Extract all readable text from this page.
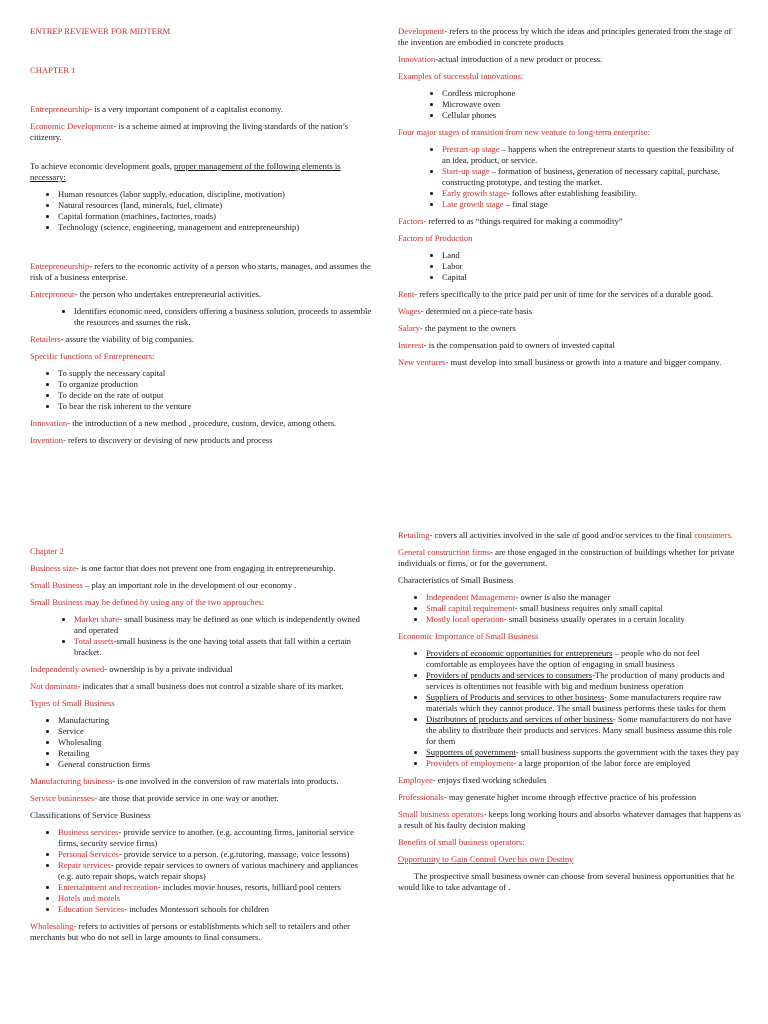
ENTREP REVIEWER FOR MIDTERM

CHAPTER 1

Entrepreneurship- is a very important component of a capitalist economy.

Economic Development- is a scheme aimed at improving the living standards of the nation’s citizenry.

To achieve economic development goals, proper management of the following elements is necessary:

• Human resources (labor supply, education, discipline, motivation)
• Natural resources (land, minerals, fuel, climate)
• Capital formation (machines, factories, roads)
• Technology (science, engineering, management and entrepreneurship)

Entrepreneurship- refers to the economic activity of a person who starts, manages, and assumes the risk of a business enterprise.

Entrepreneur- the person who undertakes entrepreneurial activities.

• Identifies economic need, considers offering a business solution, proceeds to assemble the resources and ssumes the risk.

Retailers- assure the viability of big companies.

Specific functions of Entrepreneurs:

• To supply the necessary capital
• To organize production
• To decide on the rate of output
• To bear the risk inherent to the venture

Innovation- the introduction of a new method , procedure, custom, device, among others.

Invention- refers to discovery or devising of new products and process

Development- refers to the process by which the ideas and principles generated from the stage of the invention are embodied in concrete products

Innovation-actual introduction of a new product or process.

Examples of successful innovations:

• Cordless microphone
• Microwave oven
• Cellular phones

Four major stages of transition from new venture to long-term enterprise:

• Prestart-up stage – happens when the entrepreneur starts to question the feasibility of an idea, product, or service.
• Start-up stage – formation of business, generation of necessary capital, purchase, constructing prototype, and testing the market.
• Early growth stage- follows after establishing feasibility.
• Late growth stage – final stage

Factors- referred to as “things required for making a commodity”

Factors of Production

• Land
• Labor
• Capital

Rent- refers specifically to the price paid per unit of time for the services of a durable good.

Wages- determied on a piece-rate basis

Salary- the payment to the owners

Interest- is the compensation paid to owners of invested capital

New ventures- must develop into small business or growth into a mature and bigger company.

Chapter 2

Business size- is one factor that does not prevent one from engaging in entrepreneurship.

Small Business – play an important role in the development of our economy .

Small Business may be defined by using any of the two approaches:

• Market share- small business may be defined as one which is independently owned and operated
• Total assets-small business is the one having total assets that fall within a certain bracket.

Independently owned- ownership is by a private individual

Not dominant- indicates that a small business does not control a sizable share of its market.

Types of Small Business

• Manufacturing
• Service
• Wholesaling
• Retailing
• General construction firms

Manufacturing business- is one involved in the conversion of raw materials into products.

Service businesses- are those that provide service in one way or another.

Classifications of Service Business

• Business services- provide service to another. (e.g. accounting firms, janitorial service firms, security service firms)
• Personal Services- provide service to a person. (e.g.tutoring, massage, voice lessons)
• Repair services- provide repair services to owners of various machinery and appliances (e.g. auto repair shops, watch repair shops)
• Entertainment and recreation- includes movie houses, resorts, billiard pool centers
• Hotels and motels
• Education Services- includes Montessori schools for children

Wholesaling- refers to activities of persons or establishments which sell to retailers and other merchants but who do not sell in large amounts to final consumers.

Retailing- covers all activities involved in the sale of good and/or services to the final consumers.

General construction firms- are those engaged in the construction of buildings whether for private individuals or firms, or for the government.

Characteristics of Small Business

• Independent Management- owner is also the manager
• Small capital requirement- small business requires only small capital
• Mostly local operation- small business usually operates in a certain locality

Economic Importance of Small Business

• Providers of economic opportunities for entrepreneurs – people who do not feel comfortable as employees have the option of engaging in small business
• Providers of products and services to consumers-The production of many products and services is oftentimes not feasible with big and medium business operation
• Suppliers of Products and services to other business- Some manufacturers require raw materials which they cannot produce. The small business performs these tasks for them
• Distributors of products and services of other business- Some manufacturers do not have the ability to distribute their products and services. Many small business assume this role for them
• Supporters of government- small business supports the government with the taxes they pay
• Providers of employment- a large proportion of the labor force are employed

Employee- enjoys fixed working schedules

Professionals- may generate higher income through effective practice of his profession

Small business operators- keeps long working hours and absorbs whatever damages that happens as a result of his faulty decision making

Benefits of small business operators:

Opportunity to Gain Control Over his own Destiny

The prospective small business owner can choose from several business opportunities that he would like to take advantage of .
